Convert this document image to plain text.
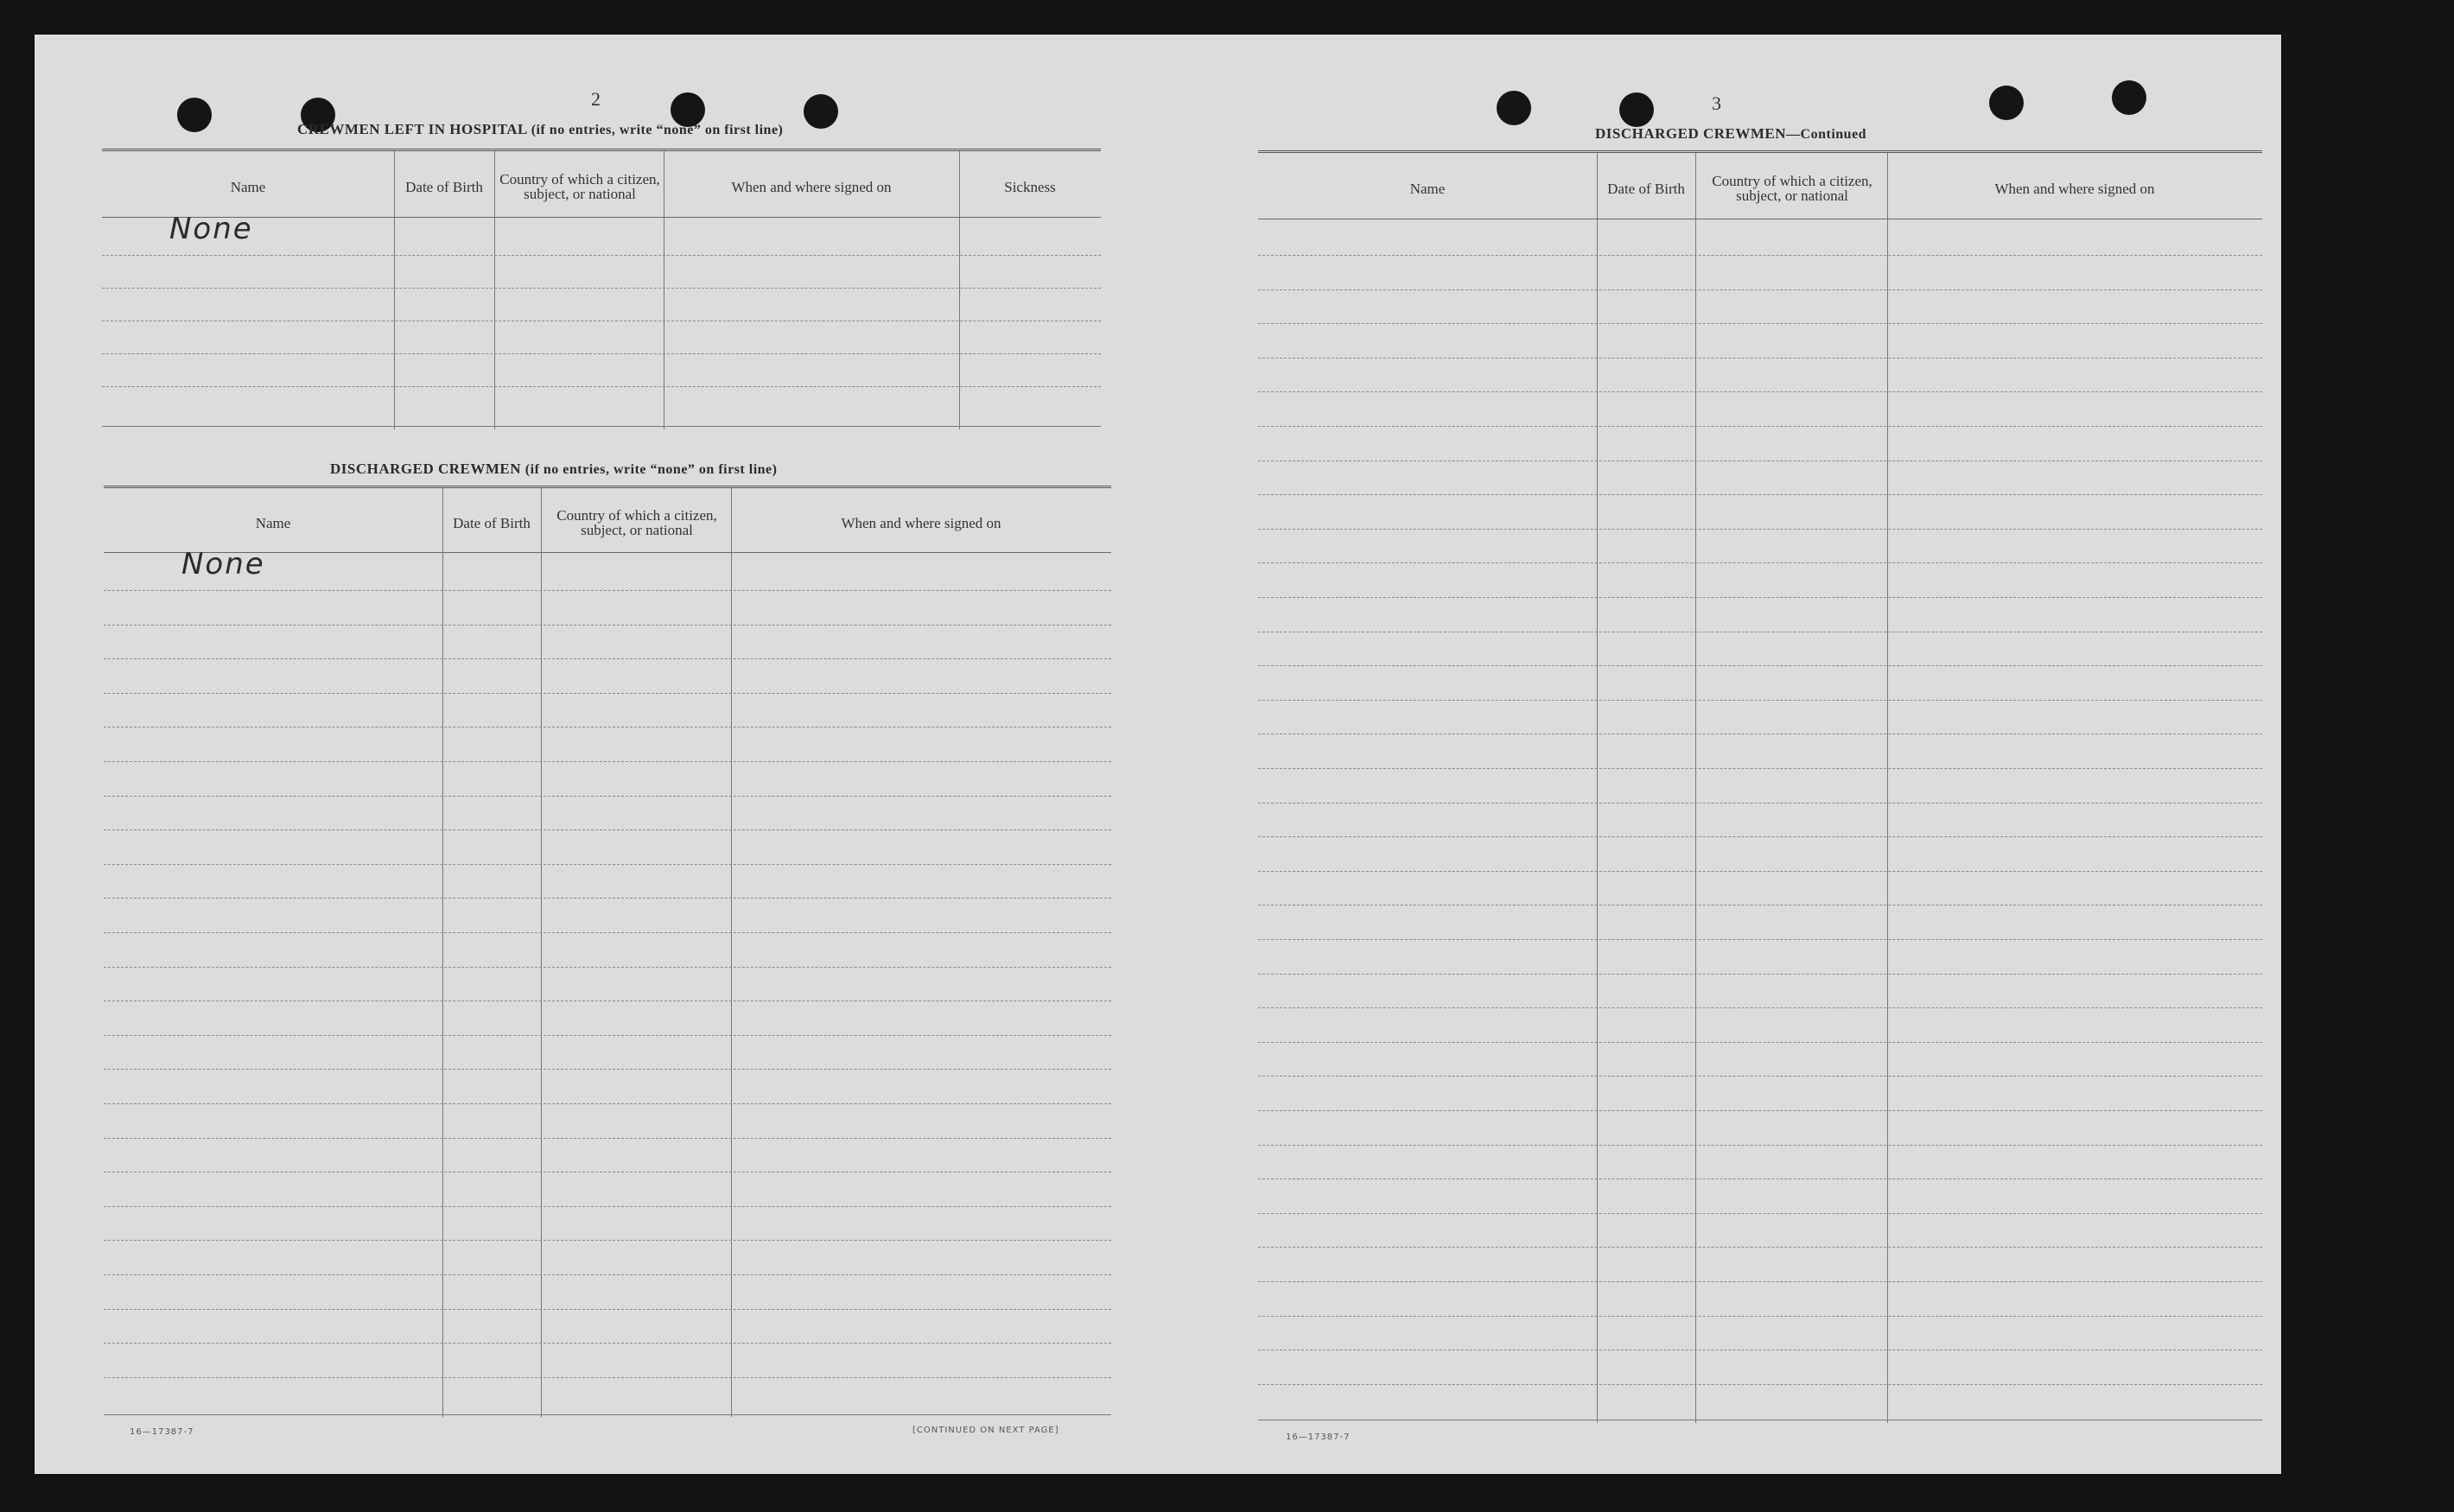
2
CREWMEN LEFT IN HOSPITAL (if no entries, write “none” on first line)
Name	Date of Birth	Country of which a citizen, subject, or national	When and where signed on	Sickness
None
DISCHARGED CREWMEN (if no entries, write “none” on first line)
Name	Date of Birth	Country of which a citizen, subject, or national	When and where signed on
None
16—17387-7	[CONTINUED ON NEXT PAGE]
3
DISCHARGED CREWMEN—Continued
Name	Date of Birth	Country of which a citizen, subject, or national	When and where signed on
16—17387-7
